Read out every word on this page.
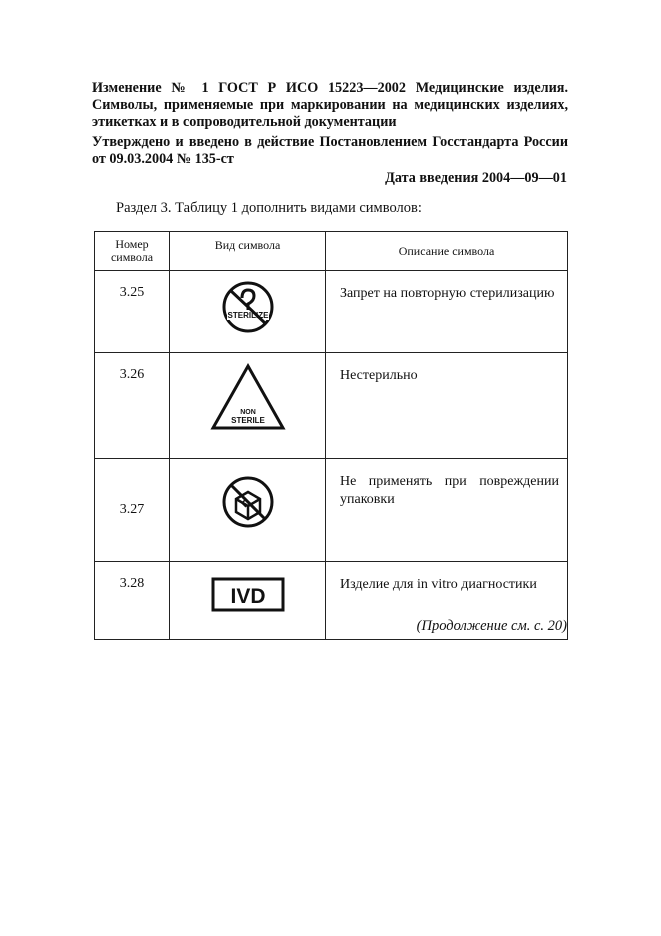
Изменение № 1 ГОСТ Р ИСО 15223—2002 Медицинские изделия. Символы, применяемые при маркировании на медицинских изделиях, этикетках и в сопроводительной документации
Утверждено и введено в действие Постановлением Госстандарта России от 09.03.2004 № 135-ст
Дата введения 2004—09—01
Раздел 3. Таблицу 1 дополнить видами символов:
Номер символа	Вид символа	Описание символа
3.25	STERILIZE	Запрет на повторную стерилизацию
3.26	NON
STERILE	Нестерильно
3.27		Не применять при повреждении упаковки
3.28	IVD	Изделие для in vitro диагностики
(Продолжение см. с. 20)
